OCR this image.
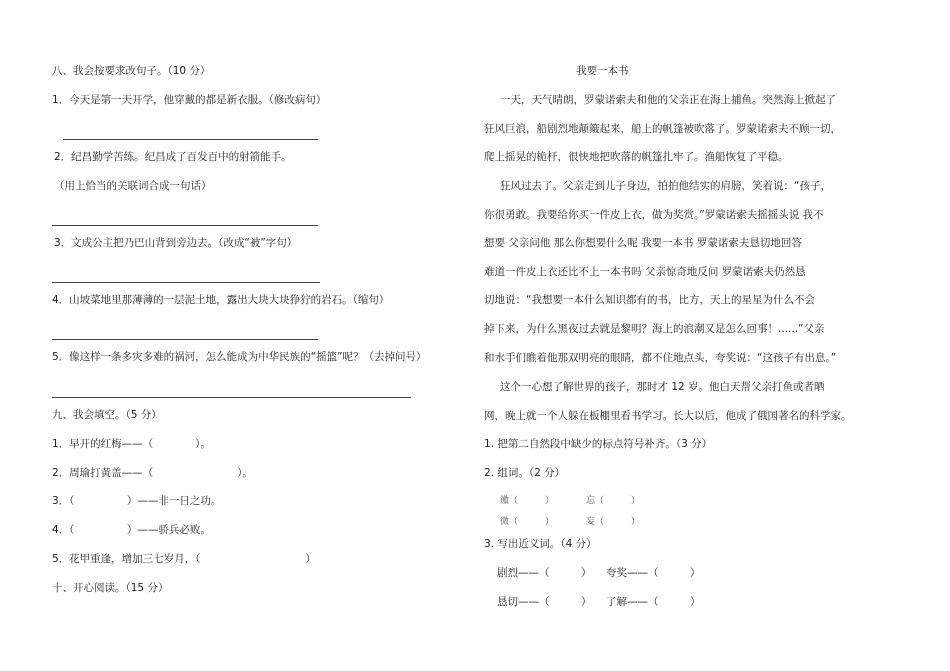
八、我会按要求改句子。（10 分）
1．今天是第一天开学，他穿戴的都是新衣服。（修改病句）
2．纪昌勤学苦练。纪昌成了百发百中的射箭能手。
（用上恰当的关联词合成一句话）
3．文成公主把乃巴山背到旁边去。（改成“被”字句）
4．山坡菜地里那薄薄的一层泥土地，露出大块大块狰狞的岩石。（缩句）
5．像这样一条多灾多难的祸河，怎么能成为中华民族的“摇篮”呢？（去掉问号）
九、我会填空。（5 分）
1．早开的红梅——（　　　　）。
2．周瑜打黄盖——（　　　　　　　　）。
3．（　　　　　）——非一日之功。
4．（　　　　　）——骄兵必败。
5．花甲重逢，增加三七岁月，（　　　　　　　　　　）
十、开心阅读。（15 分）
我要一本书
一天，天气晴朗，罗蒙诺索夫和他的父亲正在海上捕鱼。突然海上掀起了
狂风巨浪，船剧烈地颠簸起来，船上的帆篷被吹落了。罗蒙诺索夫不顾一切，
爬上摇晃的桅杆，很快地把吹落的帆篷扎牢了。渔船恢复了平稳。
狂风过去了。父亲走到儿子身边，拍拍他结实的肩膀，笑着说：“孩子，
你很勇敢。我要给你买一件皮上衣，做为奖赏。”罗蒙诺索夫摇摇头说 我不
想要 父亲问他 那么你想要什么呢 我要一本书 罗蒙诺索夫恳切地回答
难道一件皮上衣还比不上一本书吗 父亲惊奇地反问 罗蒙诺索夫仍然恳
切地说：“我想要一本什么知识都有的书，比方，天上的星星为什么不会
掉下来，为什么黑夜过去就是黎明？海上的浪潮又是怎么回事！......”父亲
和水手们瞧着他那双明亮的眼睛，都不住地点头，夸奖说：“这孩子有出息。”
这个一心想了解世界的孩子，那时才 12 岁。他白天帮父亲打鱼或者晒
网，晚上就一个人躲在板棚里看书学习。长大以后，他成了俄国著名的科学家。
1. 把第二自然段中缺少的标点符号补齐。（3 分）
2. 组词。（2 分）
徽（　　　）	忘（　　　）
微（　　　）	妄（　　　）
3. 写出近义词。（4 分）
剧烈——（　　　） 夸奖——（　　　）
恳切——（　　　） 了解——（　　　）
